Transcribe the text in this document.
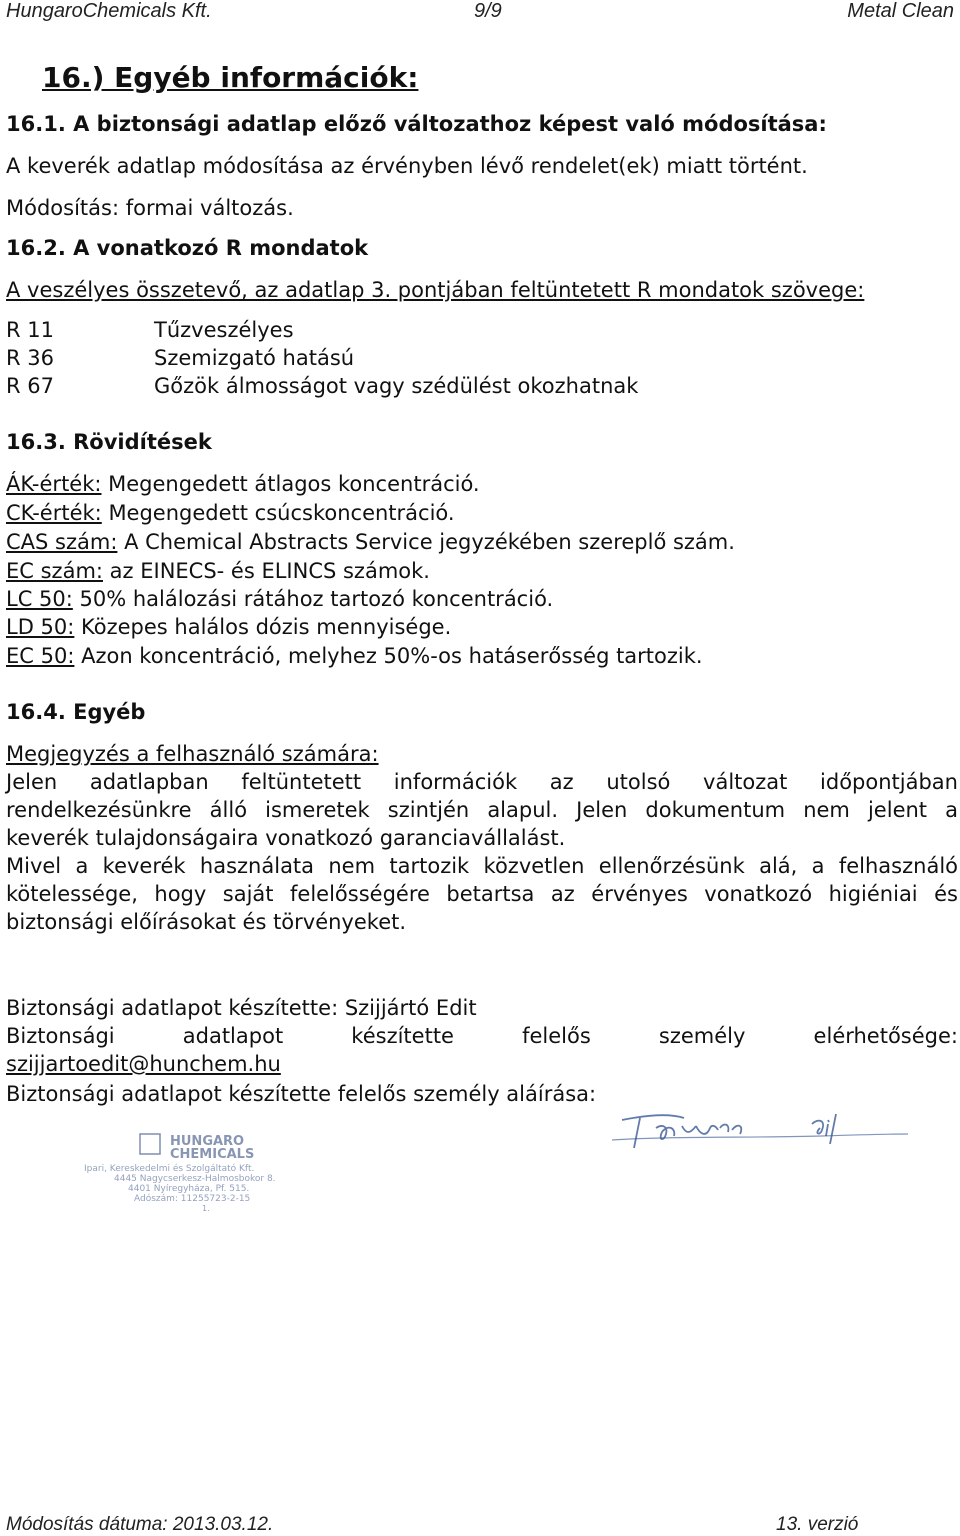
HungaroChemicals Kft.	9/9	Metal Clean
16.) Egyéb információk:
16.1. A biztonsági adatlap előző változathoz képest való módosítása:
A keverék adatlap módosítása az érvényben lévő rendelet(ek) miatt történt.
Módosítás: formai változás.
16.2. A vonatkozó R mondatok
A veszélyes összetevő, az adatlap 3. pontjában feltüntetett R mondatok szövege:
R 11	Tűzveszélyes
R 36	Szemizgató hatású
R 67	Gőzök álmosságot vagy szédülést okozhatnak
16.3. Rövidítések
ÁK-érték: Megengedett átlagos koncentráció.
CK-érték: Megengedett csúcskoncentráció.
CAS szám: A Chemical Abstracts Service jegyzékében szereplő szám.
EC szám: az EINECS- és ELINCS számok.
LC 50: 50% halálozási rátához tartozó koncentráció.
LD 50: Közepes halálos dózis mennyisége.
EC 50: Azon koncentráció, melyhez 50%-os hatáserősség tartozik.
16.4. Egyéb
Megjegyzés a felhasználó számára:
Jelen adatlapban feltüntetett információk az utolsó változat időpontjában
rendelkezésünkre álló ismeretek szintjén alapul. Jelen dokumentum nem jelent a
keverék tulajdonságaira vonatkozó garanciavállalást.
Mivel a keverék használata nem tartozik közvetlen ellenőrzésünk alá, a felhasználó
kötelessége, hogy saját felelősségére betartsa az érvényes vonatkozó higiéniai és
biztonsági előírásokat és törvényeket.
Biztonsági adatlapot készítette: Szijjártó Edit
Biztonsági adatlapot készítette felelős személy elérhetősége:
szijjartoedit@hunchem.hu
Biztonsági adatlapot készítette felelős személy aláírása:
HUNGARO
CHEMICALS
Ipari, Kereskedelmi és Szolgáltató Kft.
4445 Nagycserkesz-Halmosbokor 8.
4401 Nyíregyháza, Pf. 515.
Adószám: 11255723-2-15
1.
Módosítás dátuma: 2013.03.12.	13. verzió
